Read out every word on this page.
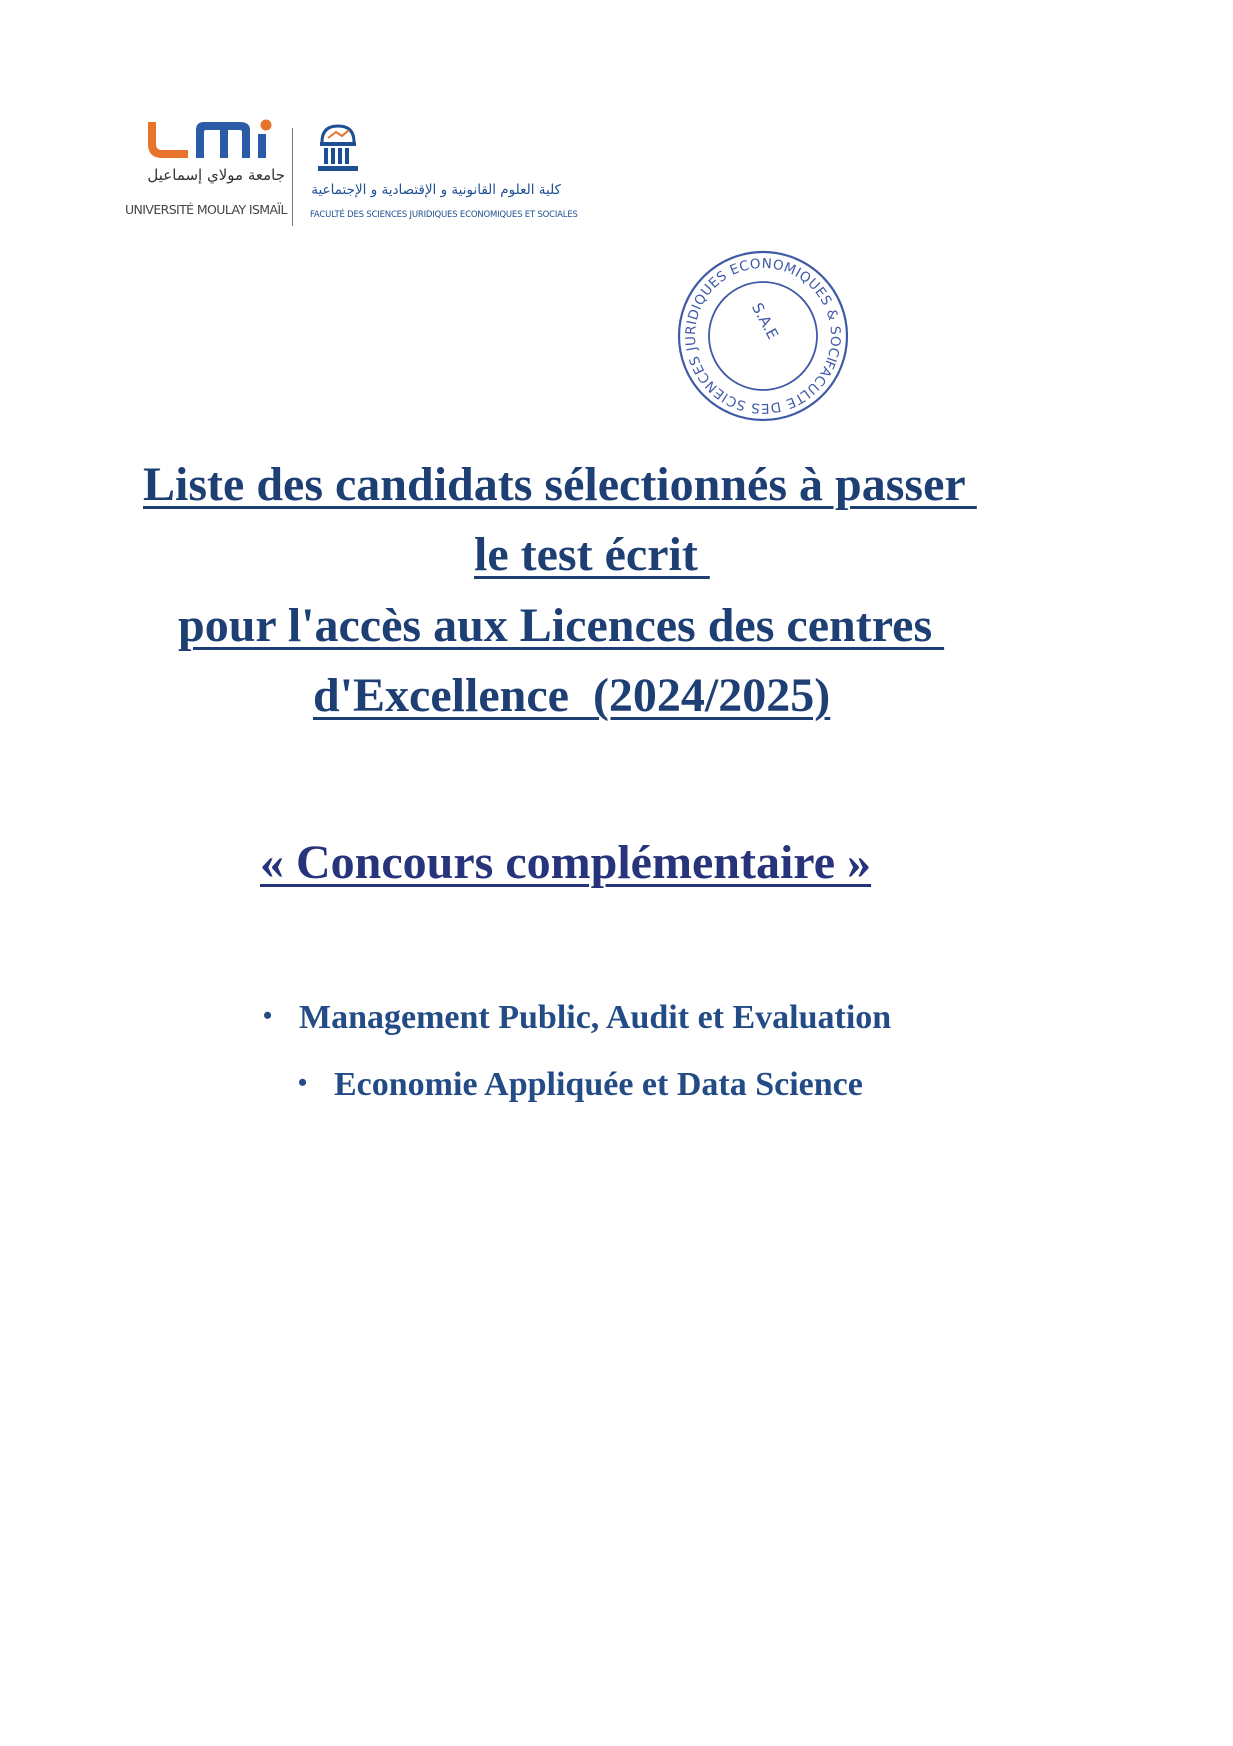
جامعة مولاي إسماعيل
UNIVERSITÉ MOULAY ISMAÏL
كلية العلوم القانونية و الإقتصادية و الإجتماعية
FACULTÉ DES SCIENCES JURIDIQUES ECONOMIQUES ET SOCIALES
FACULTE DES SCIENCES JURIDIQUES ECONOMIQUES & SOCIALES
S.A.E
Liste des candidats sélectionnés à passer
le test écrit
pour l'accès aux Licences des centres
d'Excellence  (2024/2025)
« Concours complémentaire »
• Management Public, Audit et Evaluation
• Economie Appliquée et Data Science
